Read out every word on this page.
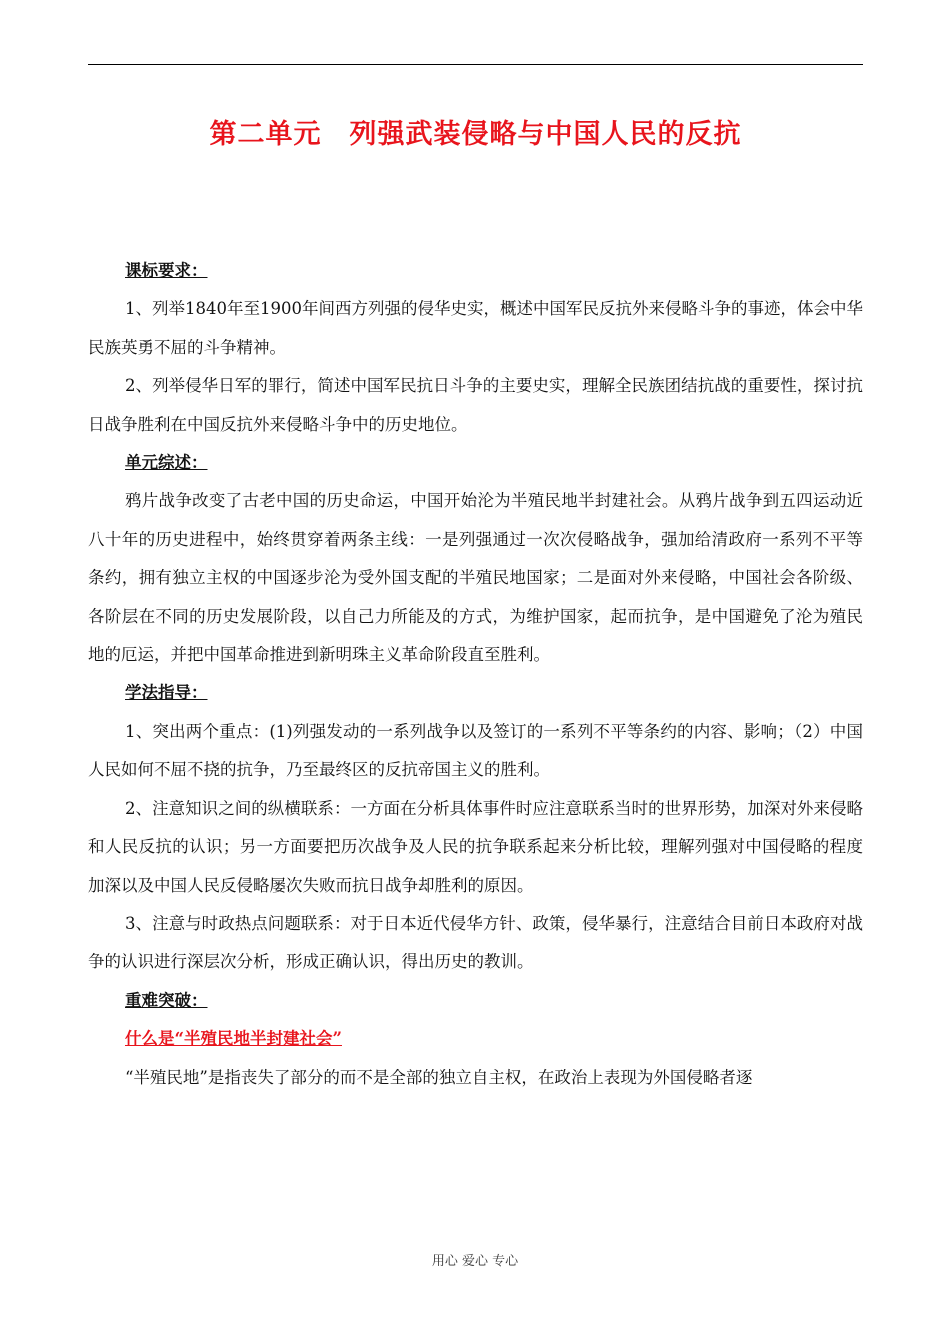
第二单元　列强武装侵略与中国人民的反抗
课标要求：

1、列举1840年至1900年间西方列强的侵华史实，概述中国军民反抗外来侵略斗争的事迹，体会中华民族英勇不屈的斗争精神。

2、列举侵华日军的罪行，简述中国军民抗日斗争的主要史实，理解全民族团结抗战的重要性，探讨抗日战争胜利在中国反抗外来侵略斗争中的历史地位。

单元综述：

鸦片战争改变了古老中国的历史命运，中国开始沦为半殖民地半封建社会。从鸦片战争到五四运动近八十年的历史进程中，始终贯穿着两条主线：一是列强通过一次次侵略战争，强加给清政府一系列不平等条约，拥有独立主权的中国逐步沦为受外国支配的半殖民地国家；二是面对外来侵略，中国社会各阶级、各阶层在不同的历史发展阶段，以自己力所能及的方式，为维护国家，起而抗争，是中国避免了沦为殖民地的厄运，并把中国革命推进到新明珠主义革命阶段直至胜利。

学法指导：

1、突出两个重点：(1)列强发动的一系列战争以及签订的一系列不平等条约的内容、影响；（2）中国人民如何不屈不挠的抗争，乃至最终区的反抗帝国主义的胜利。

2、注意知识之间的纵横联系：一方面在分析具体事件时应注意联系当时的世界形势，加深对外来侵略和人民反抗的认识；另一方面要把历次战争及人民的抗争联系起来分析比较，理解列强对中国侵略的程度加深以及中国人民反侵略屡次失败而抗日战争却胜利的原因。

3、注意与时政热点问题联系：对于日本近代侵华方针、政策，侵华暴行，注意结合目前日本政府对战争的认识进行深层次分析，形成正确认识，得出历史的教训。

重难突破：
什么是“半殖民地半封建社会”

“半殖民地”是指丧失了部分的而不是全部的独立自主权，在政治上表现为外国侵略者逐

用心 爱心 专心
